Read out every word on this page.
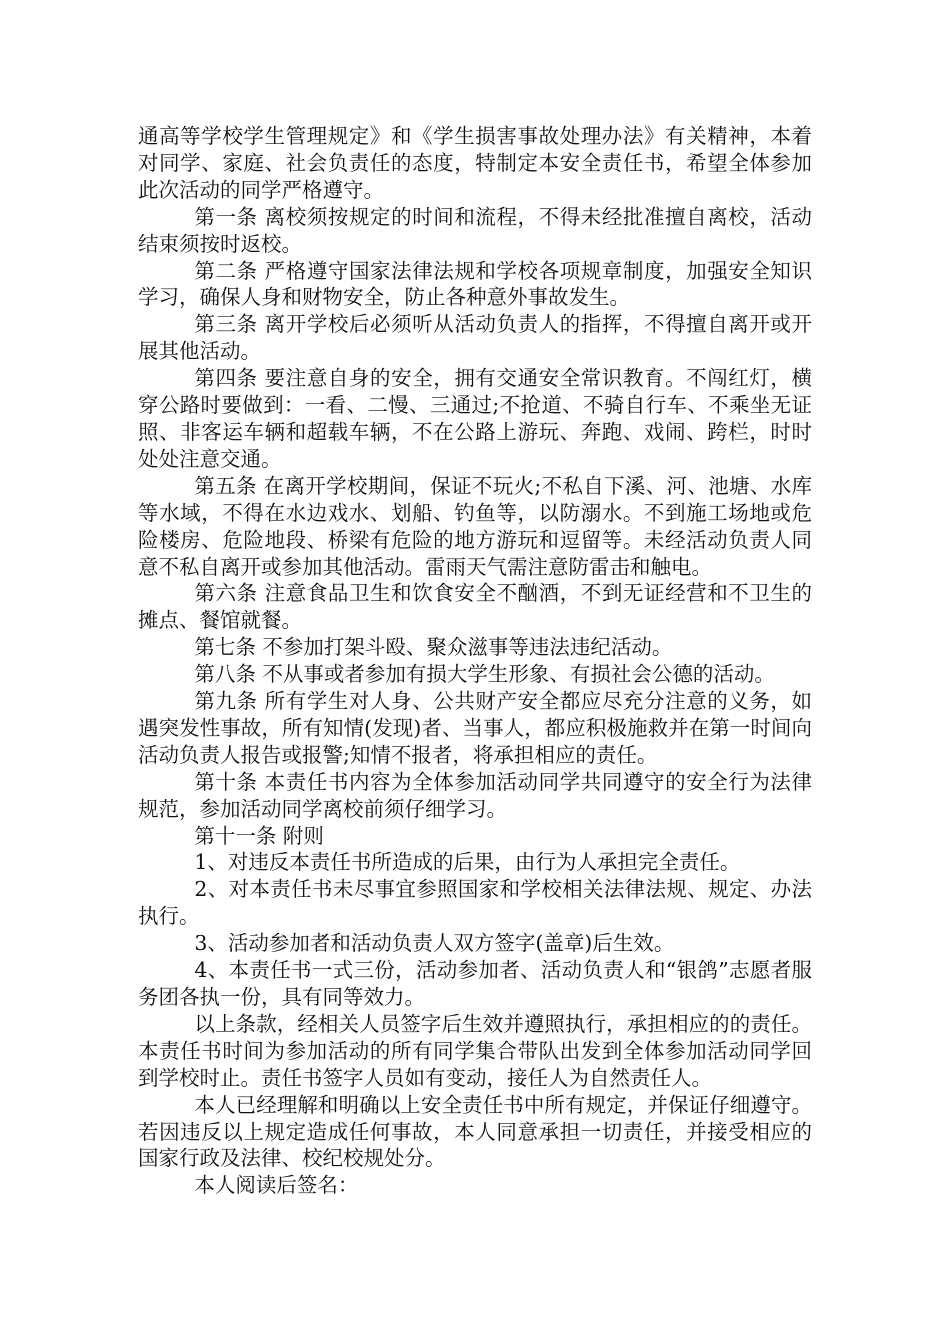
通高等学校学生管理规定》和《学生损害事故处理办法》有关精神，本着对同学、家庭、社会负责任的态度，特制定本安全责任书，希望全体参加此次活动的同学严格遵守。

第一条 离校须按规定的时间和流程，不得未经批准擅自离校，活动结束须按时返校。

第二条 严格遵守国家法律法规和学校各项规章制度，加强安全知识学习，确保人身和财物安全，防止各种意外事故发生。

第三条 离开学校后必须听从活动负责人的指挥，不得擅自离开或开展其他活动。

第四条 要注意自身的安全，拥有交通安全常识教育。不闯红灯，横穿公路时要做到：一看、二慢、三通过;不抢道、不骑自行车、不乘坐无证照、非客运车辆和超载车辆，不在公路上游玩、奔跑、戏闹、跨栏，时时处处注意交通。

第五条 在离开学校期间，保证不玩火;不私自下溪、河、池塘、水库等水域，不得在水边戏水、划船、钓鱼等，以防溺水。不到施工场地或危险楼房、危险地段、桥梁有危险的地方游玩和逗留等。未经活动负责人同意不私自离开或参加其他活动。雷雨天气需注意防雷击和触电。

第六条 注意食品卫生和饮食安全不酗酒，不到无证经营和不卫生的摊点、餐馆就餐。

第七条 不参加打架斗殴、聚众滋事等违法违纪活动。

第八条 不从事或者参加有损大学生形象、有损社会公德的活动。

第九条 所有学生对人身、公共财产安全都应尽充分注意的义务，如遇突发性事故，所有知情(发现)者、当事人，都应积极施救并在第一时间向活动负责人报告或报警;知情不报者，将承担相应的责任。

第十条 本责任书内容为全体参加活动同学共同遵守的安全行为法律规范，参加活动同学离校前须仔细学习。

第十一条 附则

1、对违反本责任书所造成的后果，由行为人承担完全责任。

2、对本责任书未尽事宜参照国家和学校相关法律法规、规定、办法执行。

3、活动参加者和活动负责人双方签字(盖章)后生效。

4、本责任书一式三份，活动参加者、活动负责人和“银鸽”志愿者服务团各执一份，具有同等效力。

以上条款，经相关人员签字后生效并遵照执行，承担相应的的责任。本责任书时间为参加活动的所有同学集合带队出发到全体参加活动同学回到学校时止。责任书签字人员如有变动，接任人为自然责任人。

本人已经理解和明确以上安全责任书中所有规定，并保证仔细遵守。若因违反以上规定造成任何事故，本人同意承担一切责任，并接受相应的国家行政及法律、校纪校规处分。

本人阅读后签名：
